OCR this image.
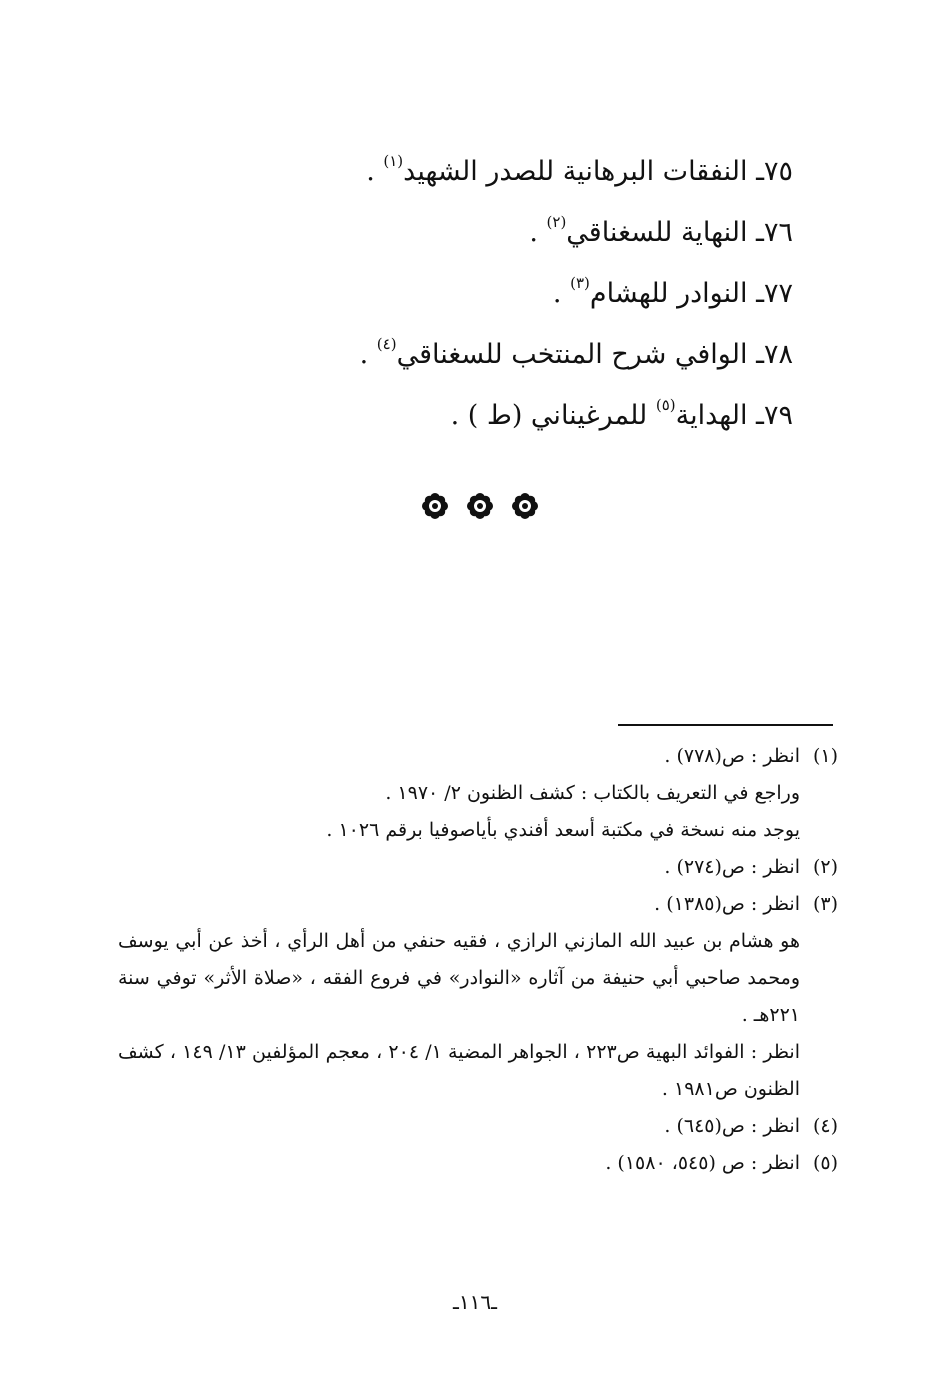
٧٥ـ النفقات البرهانية للصدر الشهيد$^{(١)}$ .
٧٦ـ النهاية للسغناقي$^{(٢)}$ .
٧٧ـ النوادر للهشام$^{(٣)}$ .
٧٨ـ الوافي شرح المنتخب للسغناقي$^{(٤)}$ .
٧٩ـ الهداية$^{(٥)}$ للمرغيناني (ط ) .
(١)انظر : ص(٧٧٨) .
وراجع في التعريف بالكتاب : كشف الظنون ٢/ ١٩٧٠ .
يوجد منه نسخة في مكتبة أسعد أفندي بأياصوفيا برقم ١٠٢٦ .
(٢)انظر : ص(٢٧٤) .
(٣)انظر : ص(١٣٨٥) .
هو هشام بن عبيد الله المازني الرازي ، فقيه حنفي من أهل الرأي ، أخذ عن أبي يوسف ومحمد صاحبي أبي حنيفة من آثاره «النوادر» في فروع الفقه ، «صلاة الأثر» توفي سنة ٢٢١هـ .
انظر : الفوائد البهية ص٢٢٣ ، الجواهر المضية ١/ ٢٠٤ ، معجم المؤلفين ١٣/ ١٤٩ ، كشف الظنون ص١٩٨١ .
(٤)انظر : ص(٦٤٥) .
(٥)انظر : ص (٥٤٥، ١٥٨٠) .
ـ١١٦ـ
